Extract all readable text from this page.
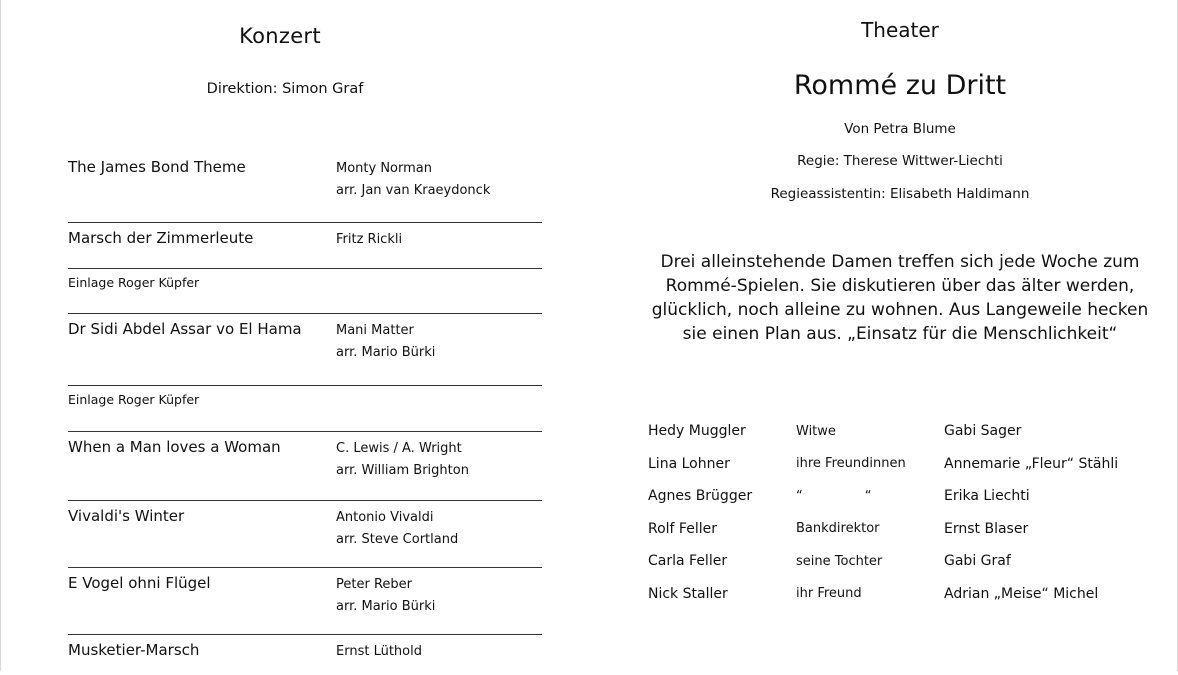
Konzert
Direktion: Simon Graf
The James Bond Theme	Monty Norman
arr. Jan van Kraeydonck
Marsch der Zimmerleute	Fritz Rickli
Einlage Roger Küpfer
Dr Sidi Abdel Assar vo El Hama	Mani Matter
arr. Mario Bürki
Einlage Roger Küpfer
When a Man loves a Woman	C. Lewis / A. Wright
arr. William Brighton
Vivaldi's Winter	Antonio Vivaldi
arr. Steve Cortland
E Vogel ohni Flügel	Peter Reber
arr. Mario Bürki
Musketier-Marsch	Ernst Lüthold
Theater
Rommé zu Dritt
Von Petra Blume
Regie: Therese Wittwer-Liechti
Regieassistentin: Elisabeth Haldimann
Drei alleinstehende Damen treffen sich jede Woche zum Rommé-Spielen. Sie diskutieren über das älter werden, glücklich, noch alleine zu wohnen. Aus Langeweile hecken sie einen Plan aus. „Einsatz für die Menschlichkeit“
Hedy Muggler	Witwe	Gabi Sager
Lina Lohner	ihre Freundinnen	Annemarie „Fleur“ Stähli
Agnes Brügger	“               “	Erika Liechti
Rolf Feller	Bankdirektor	Ernst Blaser
Carla Feller	seine Tochter	Gabi Graf
Nick Staller	ihr Freund	Adrian „Meise“ Michel
